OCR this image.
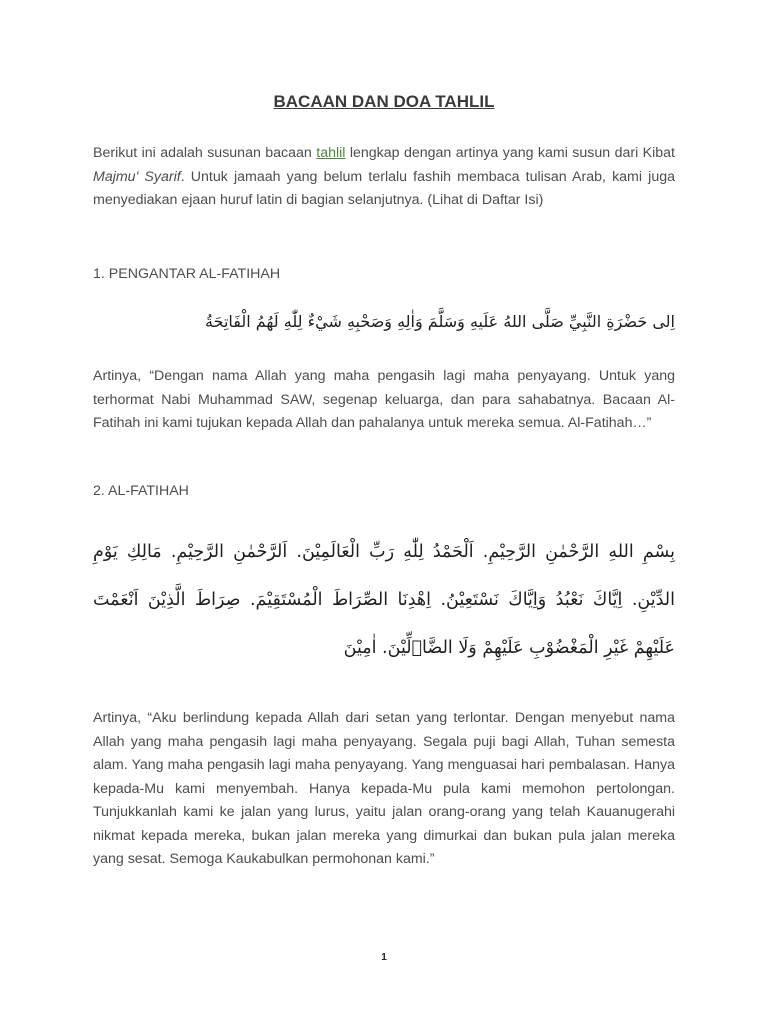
BACAAN DAN DOA TAHLIL

Berikut ini adalah susunan bacaan tahlil lengkap dengan artinya yang kami susun dari Kibat Majmu' Syarif. Untuk jamaah yang belum terlalu fashih membaca tulisan Arab, kami juga menyediakan ejaan huruf latin di bagian selanjutnya. (Lihat di Daftar Isi)

1. PENGANTAR AL-FATIHAH

اِلى حَضْرَةِ النَّبِيِّ صَلَّى اللهُ عَلَيهِ وَسَلَّمَ وَاٰلِهِ وَصَحْبِهِ شَيْءٌ لِلّٰهِ لَهُمُ الْفَاتِحَةُ

Artinya, “Dengan nama Allah yang maha pengasih lagi maha penyayang. Untuk yang terhormat Nabi Muhammad SAW, segenap keluarga, dan para sahabatnya. Bacaan Al-Fatihah ini kami tujukan kepada Allah dan pahalanya untuk mereka semua. Al-Fatihah…”

2. AL-FATIHAH

بِسْمِ اللهِ الرَّحْمٰنِ الرَّحِيْمِ. اَلْحَمْدُ لِلّٰهِ رَبِّ الْعَالَمِيْنَ. اَلرَّحْمٰنِ الرَّحِيْمِ. مَالِكِ يَوْمِ الدِّيْنِ. اِيَّاكَ نَعْبُدُ وَاِيَّاكَ نَسْتَعِيْنُ. اِهْدِنَا الصِّرَاطَ الْمُسْتَقِيْمَ. صِرَاطَ الَّذِيْنَ اَنْعَمْتَ عَلَيْهِمْ غَيْرِ الْمَغْضُوْبِ عَلَيْهِمْ وَلَا الضَّاۤلِّيْنَ. اٰمِيْنَ

Artinya, “Aku berlindung kepada Allah dari setan yang terlontar. Dengan menyebut nama Allah yang maha pengasih lagi maha penyayang. Segala puji bagi Allah, Tuhan semesta alam. Yang maha pengasih lagi maha penyayang. Yang menguasai hari pembalasan. Hanya kepada-Mu kami menyembah. Hanya kepada-Mu pula kami memohon pertolongan. Tunjukkanlah kami ke jalan yang lurus, yaitu jalan orang-orang yang telah Kauanugerahi nikmat kepada mereka, bukan jalan mereka yang dimurkai dan bukan pula jalan mereka yang sesat. Semoga Kaukabulkan permohonan kami.”

1
